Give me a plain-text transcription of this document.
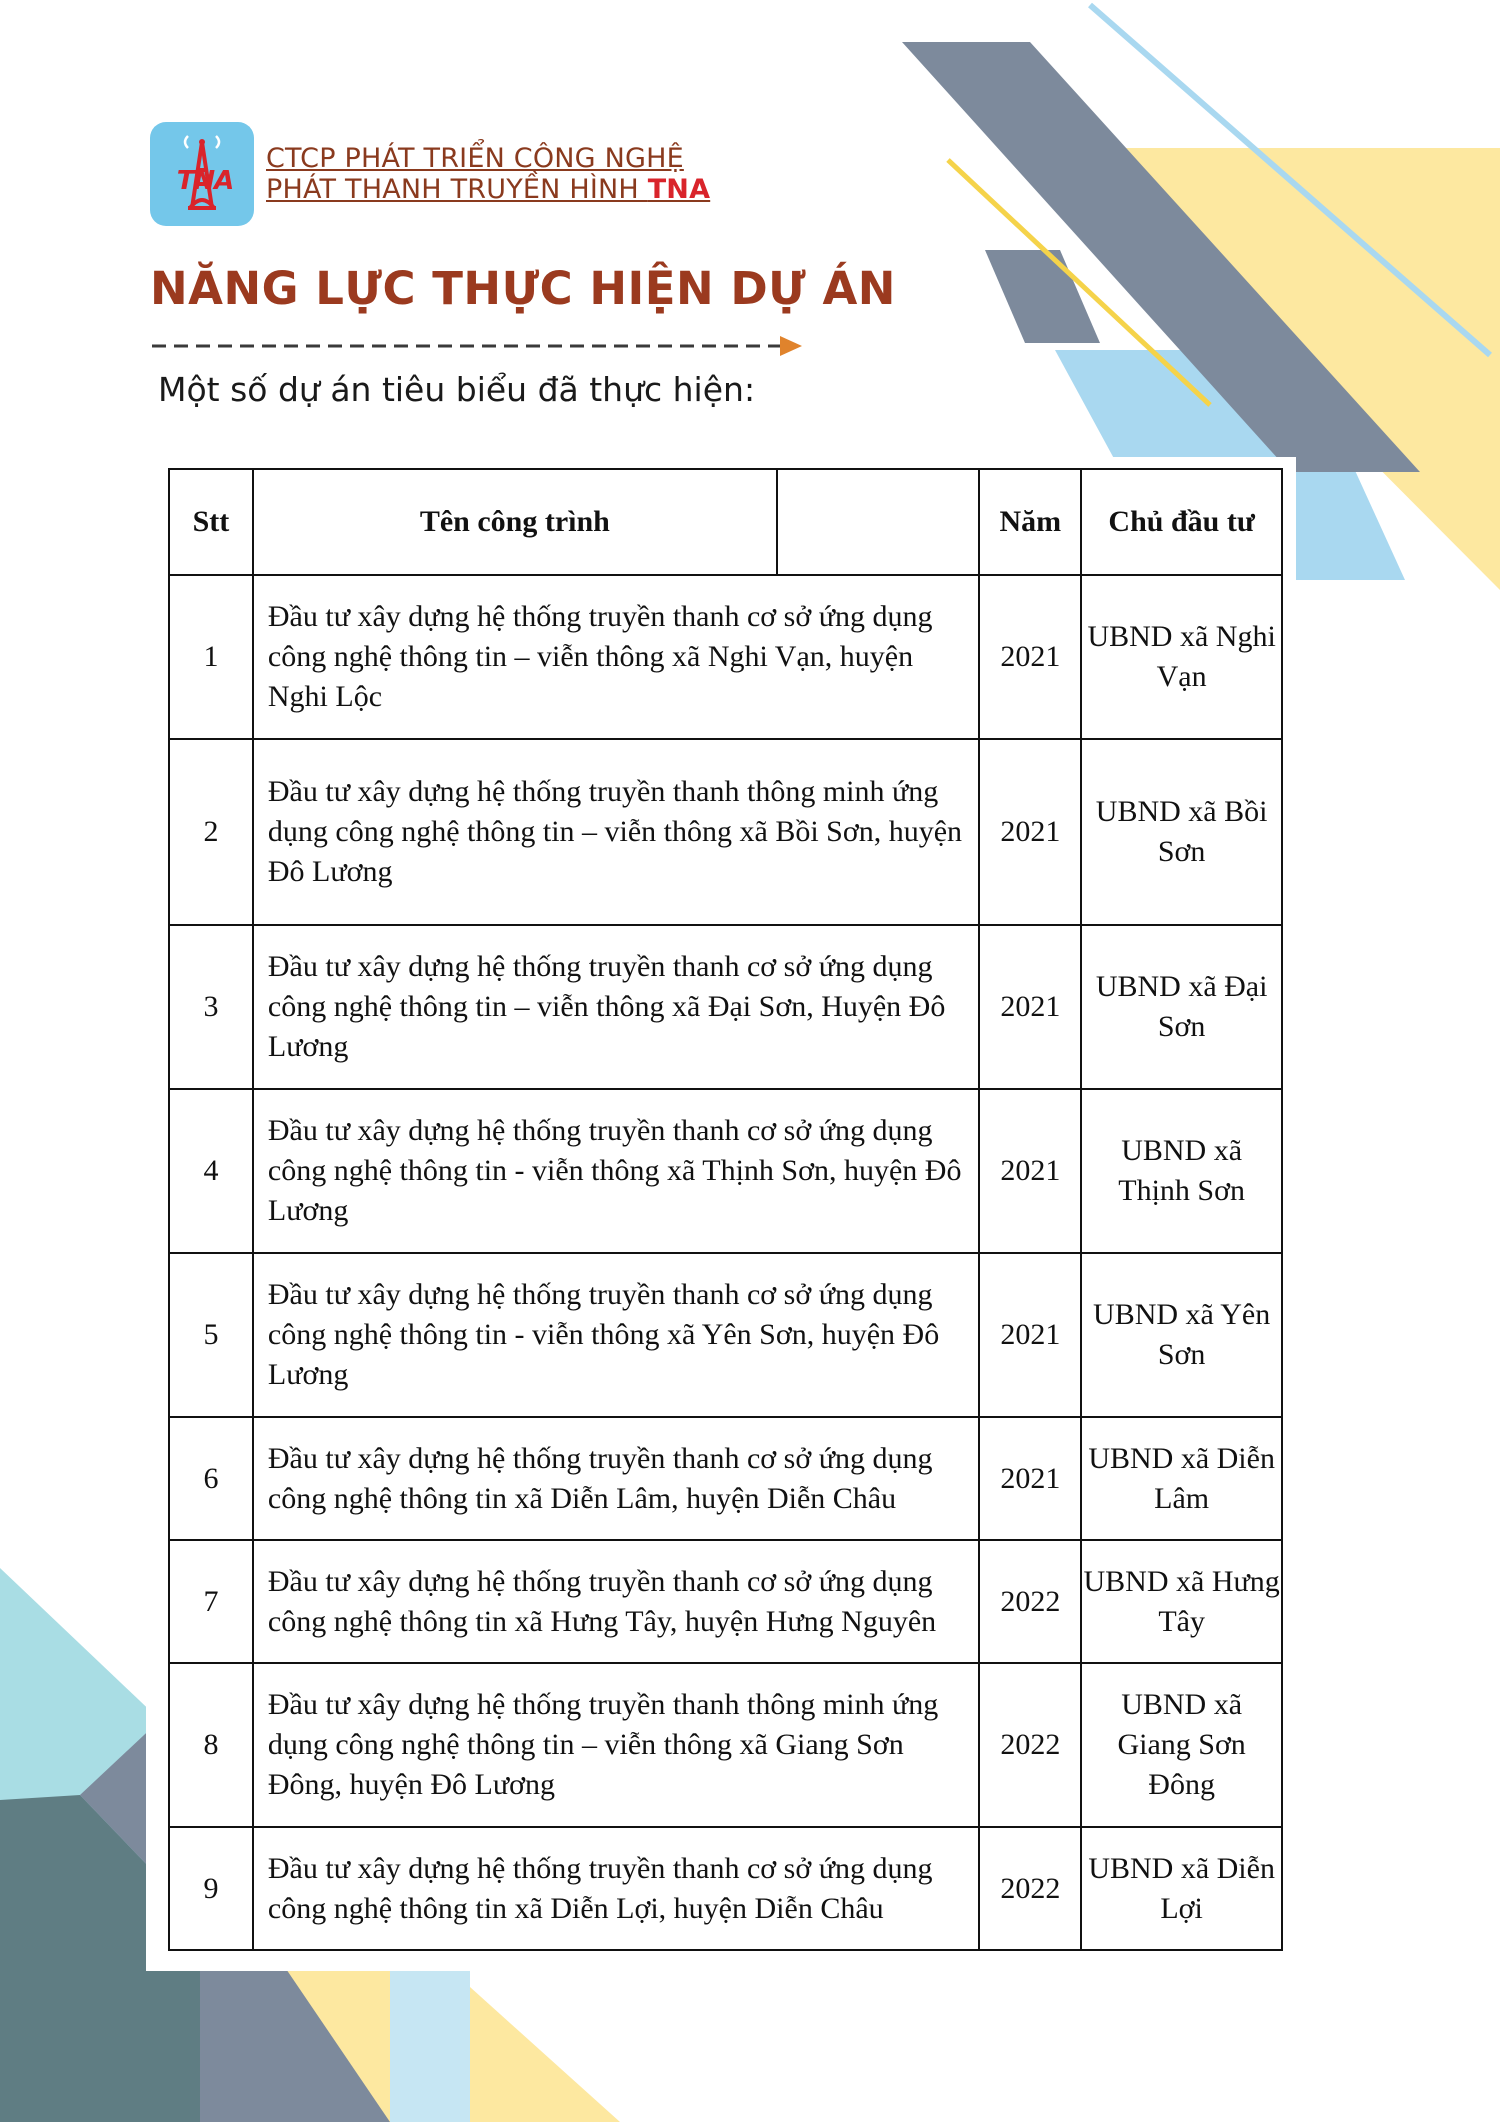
TNA
CTCP PHÁT TRIỂN CÔNG NGHỆ
PHÁT THANH TRUYỀN HÌNH TNA
NĂNG LỰC THỰC HIỆN DỰ ÁN
Một số dự án tiêu biểu đã thực hiện:
Stt	Tên công trình		Năm	Chủ đầu tư
1	Đầu tư xây dựng hệ thống truyền thanh cơ sở ứng dụng công nghệ thông tin – viễn thông xã Nghi Vạn, huyện Nghi Lộc		2021	UBND xã Nghi Vạn
2	Đầu tư xây dựng hệ thống truyền thanh thông minh ứng dụng công nghệ thông tin – viễn thông xã Bồi Sơn, huyện Đô Lương		2021	UBND xã Bồi Sơn
3	Đầu tư xây dựng hệ thống truyền thanh cơ sở ứng dụng công nghệ thông tin – viễn thông xã Đại Sơn, Huyện Đô Lương		2021	UBND xã Đại Sơn
4	Đầu tư xây dựng hệ thống truyền thanh cơ sở ứng dụng công nghệ thông tin - viễn thông xã Thịnh Sơn, huyện Đô Lương		2021	UBND xã Thịnh Sơn
5	Đầu tư xây dựng hệ thống truyền thanh cơ sở ứng dụng công nghệ thông tin - viễn thông xã Yên Sơn, huyện Đô Lương		2021	UBND xã Yên Sơn
6	Đầu tư xây dựng hệ thống truyền thanh cơ sở ứng dụng công nghệ thông tin xã Diễn Lâm, huyện Diễn Châu		2021	UBND xã Diễn Lâm
7	Đầu tư xây dựng hệ thống truyền thanh cơ sở ứng dụng công nghệ thông tin xã Hưng Tây, huyện Hưng Nguyên		2022	UBND xã Hưng Tây
8	Đầu tư xây dựng hệ thống truyền thanh thông minh ứng dụng công nghệ thông tin – viễn thông xã Giang Sơn Đông, huyện Đô Lương		2022	UBND xã Giang Sơn Đông
9	Đầu tư xây dựng hệ thống truyền thanh cơ sở ứng dụng công nghệ thông tin xã Diễn Lợi, huyện Diễn Châu		2022	UBND xã Diễn Lợi
